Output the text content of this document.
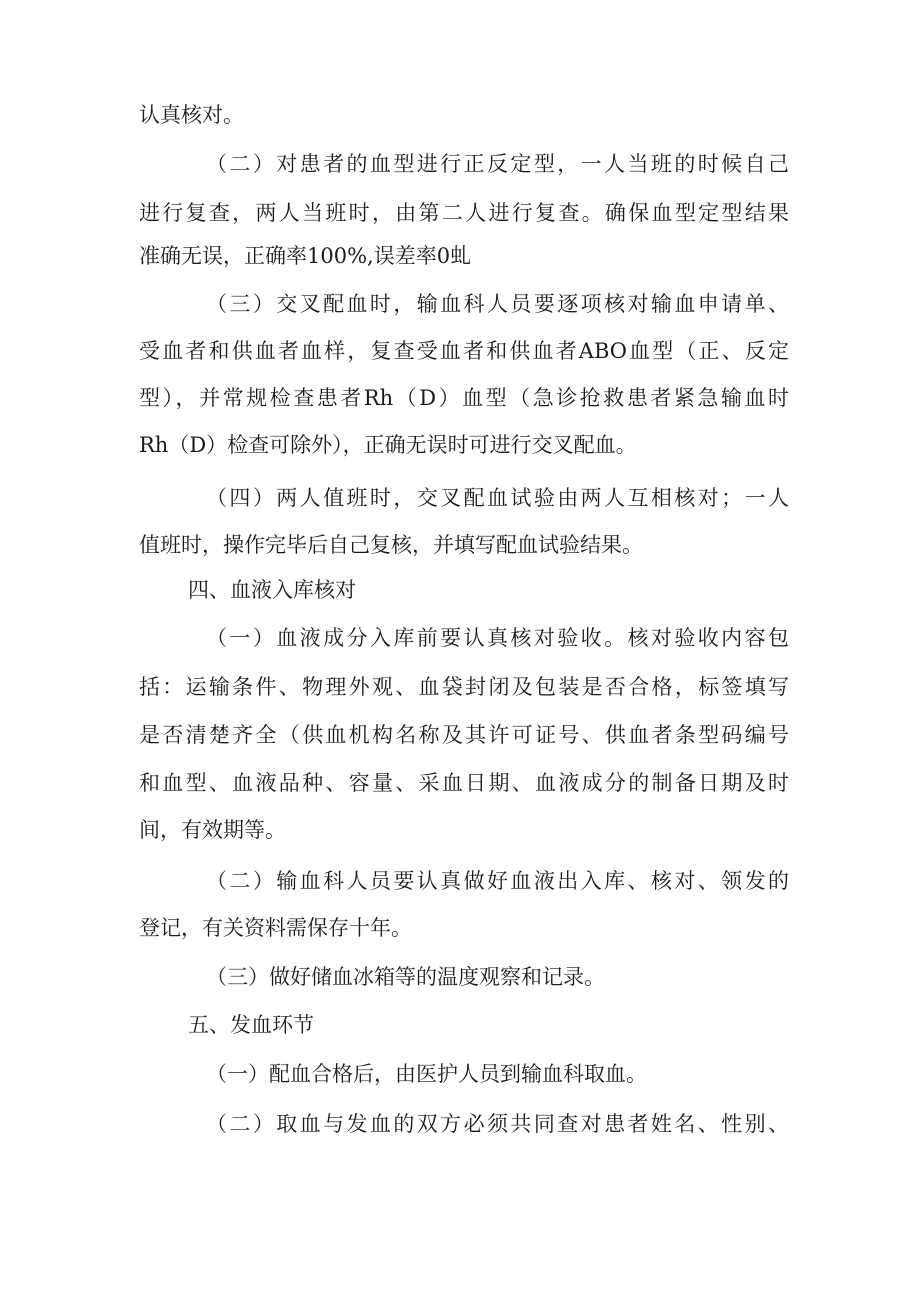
认真核对。
（二）对患者的血型进行正反定型，一人当班的时候自己
进行复查，两人当班时，由第二人进行复查。确保血型定型结果
准确无误，正确率100%,误差率0虬
（三）交叉配血时，输血科人员要逐项核对输血申请单、
受血者和供血者血样，复查受血者和供血者ABO血型（正、反定
型），并常规检查患者Rh（D）血型（急诊抢救患者紧急输血时
Rh（D）检查可除外），正确无误时可进行交叉配血。
（四）两人值班时，交叉配血试验由两人互相核对；一人
值班时，操作完毕后自己复核，并填写配血试验结果。
四、血液入库核对
（一）血液成分入库前要认真核对验收。核对验收内容包
括：运输条件、物理外观、血袋封闭及包装是否合格，标签填写
是否清楚齐全（供血机构名称及其许可证号、供血者条型码编号
和血型、血液品种、容量、采血日期、血液成分的制备日期及时
间，有效期等。
（二）输血科人员要认真做好血液出入库、核对、领发的
登记，有关资料需保存十年。
（三）做好储血冰箱等的温度观察和记录。
五、发血环节
（一）配血合格后，由医护人员到输血科取血。
（二）取血与发血的双方必须共同查对患者姓名、性别、
